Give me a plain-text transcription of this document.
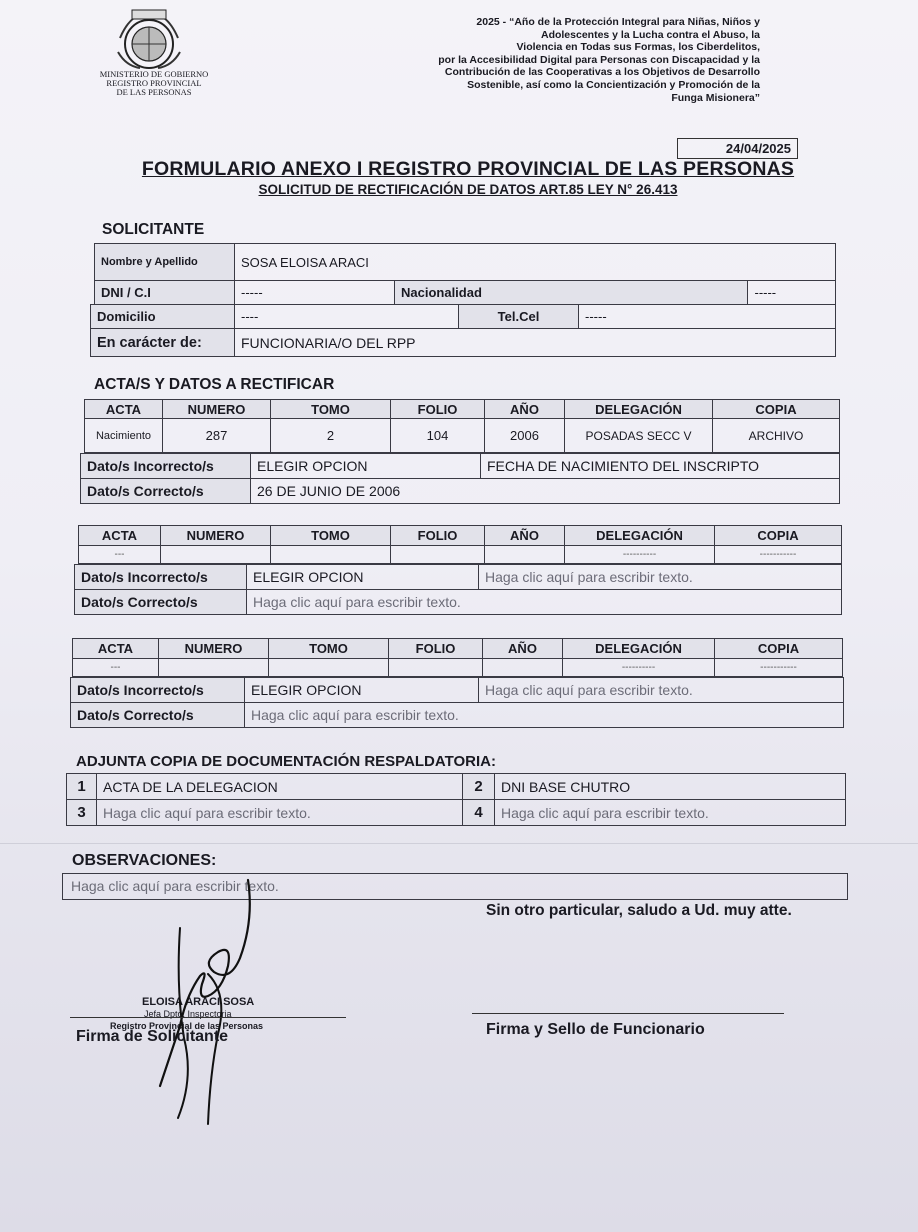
MINISTERIO DE GOBIERNO
REGISTRO PROVINCIAL
DE LAS PERSONAS
2025 - “Año de la Protección Integral para Niñas, Niños y
Adolescentes y la Lucha contra el Abuso, la
Violencia en Todas sus Formas, los Ciberdelitos,
por la Accesibilidad Digital para Personas con Discapacidad y la
Contribución de las Cooperativas a los Objetivos de Desarrollo
Sostenible, así como la Concientización y Promoción de la
Funga Misionera”
24/04/2025
FORMULARIO ANEXO I REGISTRO PROVINCIAL DE LAS PERSONAS
SOLICITUD DE RECTIFICACIÓN DE DATOS ART.85 LEY N° 26.413
SOLICITANTE
Nombre y Apellido	SOSA ELOISA ARACI		
DNI / C.I	-----	Nacionalidad	-----
Domicilio	----	Tel.Cel	-----
En carácter de:	FUNCIONARIA/O DEL RPP		
ACTA/S Y DATOS A RECTIFICAR
ACTA	NUMERO	TOMO	FOLIO	AÑO	DELEGACIÓN	COPIA
Nacimiento	287	2	104	2006	POSADAS SECC V	ARCHIVO
Dato/s Incorrecto/s	ELEGIR OPCION	FECHA DE NACIMIENTO DEL INSCRIPTO
Dato/s Correcto/s	26 DE JUNIO DE 2006	
ACTA	NUMERO	TOMO	FOLIO	AÑO	DELEGACIÓN	COPIA
---					----------	-----------
Dato/s Incorrecto/s	ELEGIR OPCION	Haga clic aquí para escribir texto.
Dato/s Correcto/s	Haga clic aquí para escribir texto.	
ACTA	NUMERO	TOMO	FOLIO	AÑO	DELEGACIÓN	COPIA
---					----------	-----------
Dato/s Incorrecto/s	ELEGIR OPCION	Haga clic aquí para escribir texto.
Dato/s Correcto/s	Haga clic aquí para escribir texto.	
ADJUNTA COPIA DE DOCUMENTACIÓN RESPALDATORIA:
1	ACTA DE LA DELEGACION	2	DNI BASE CHUTRO
3	Haga clic aquí para escribir texto.	4	Haga clic aquí para escribir texto.
OBSERVACIONES:
Haga clic aquí para escribir texto.
Sin otro particular, saludo a Ud. muy atte.
ELOISA ARACI SOSA
Jefa Dpto. Inspectoria
Registro Provincial de las Personas
Firma de Solicitante	Firma y Sello de Funcionario
